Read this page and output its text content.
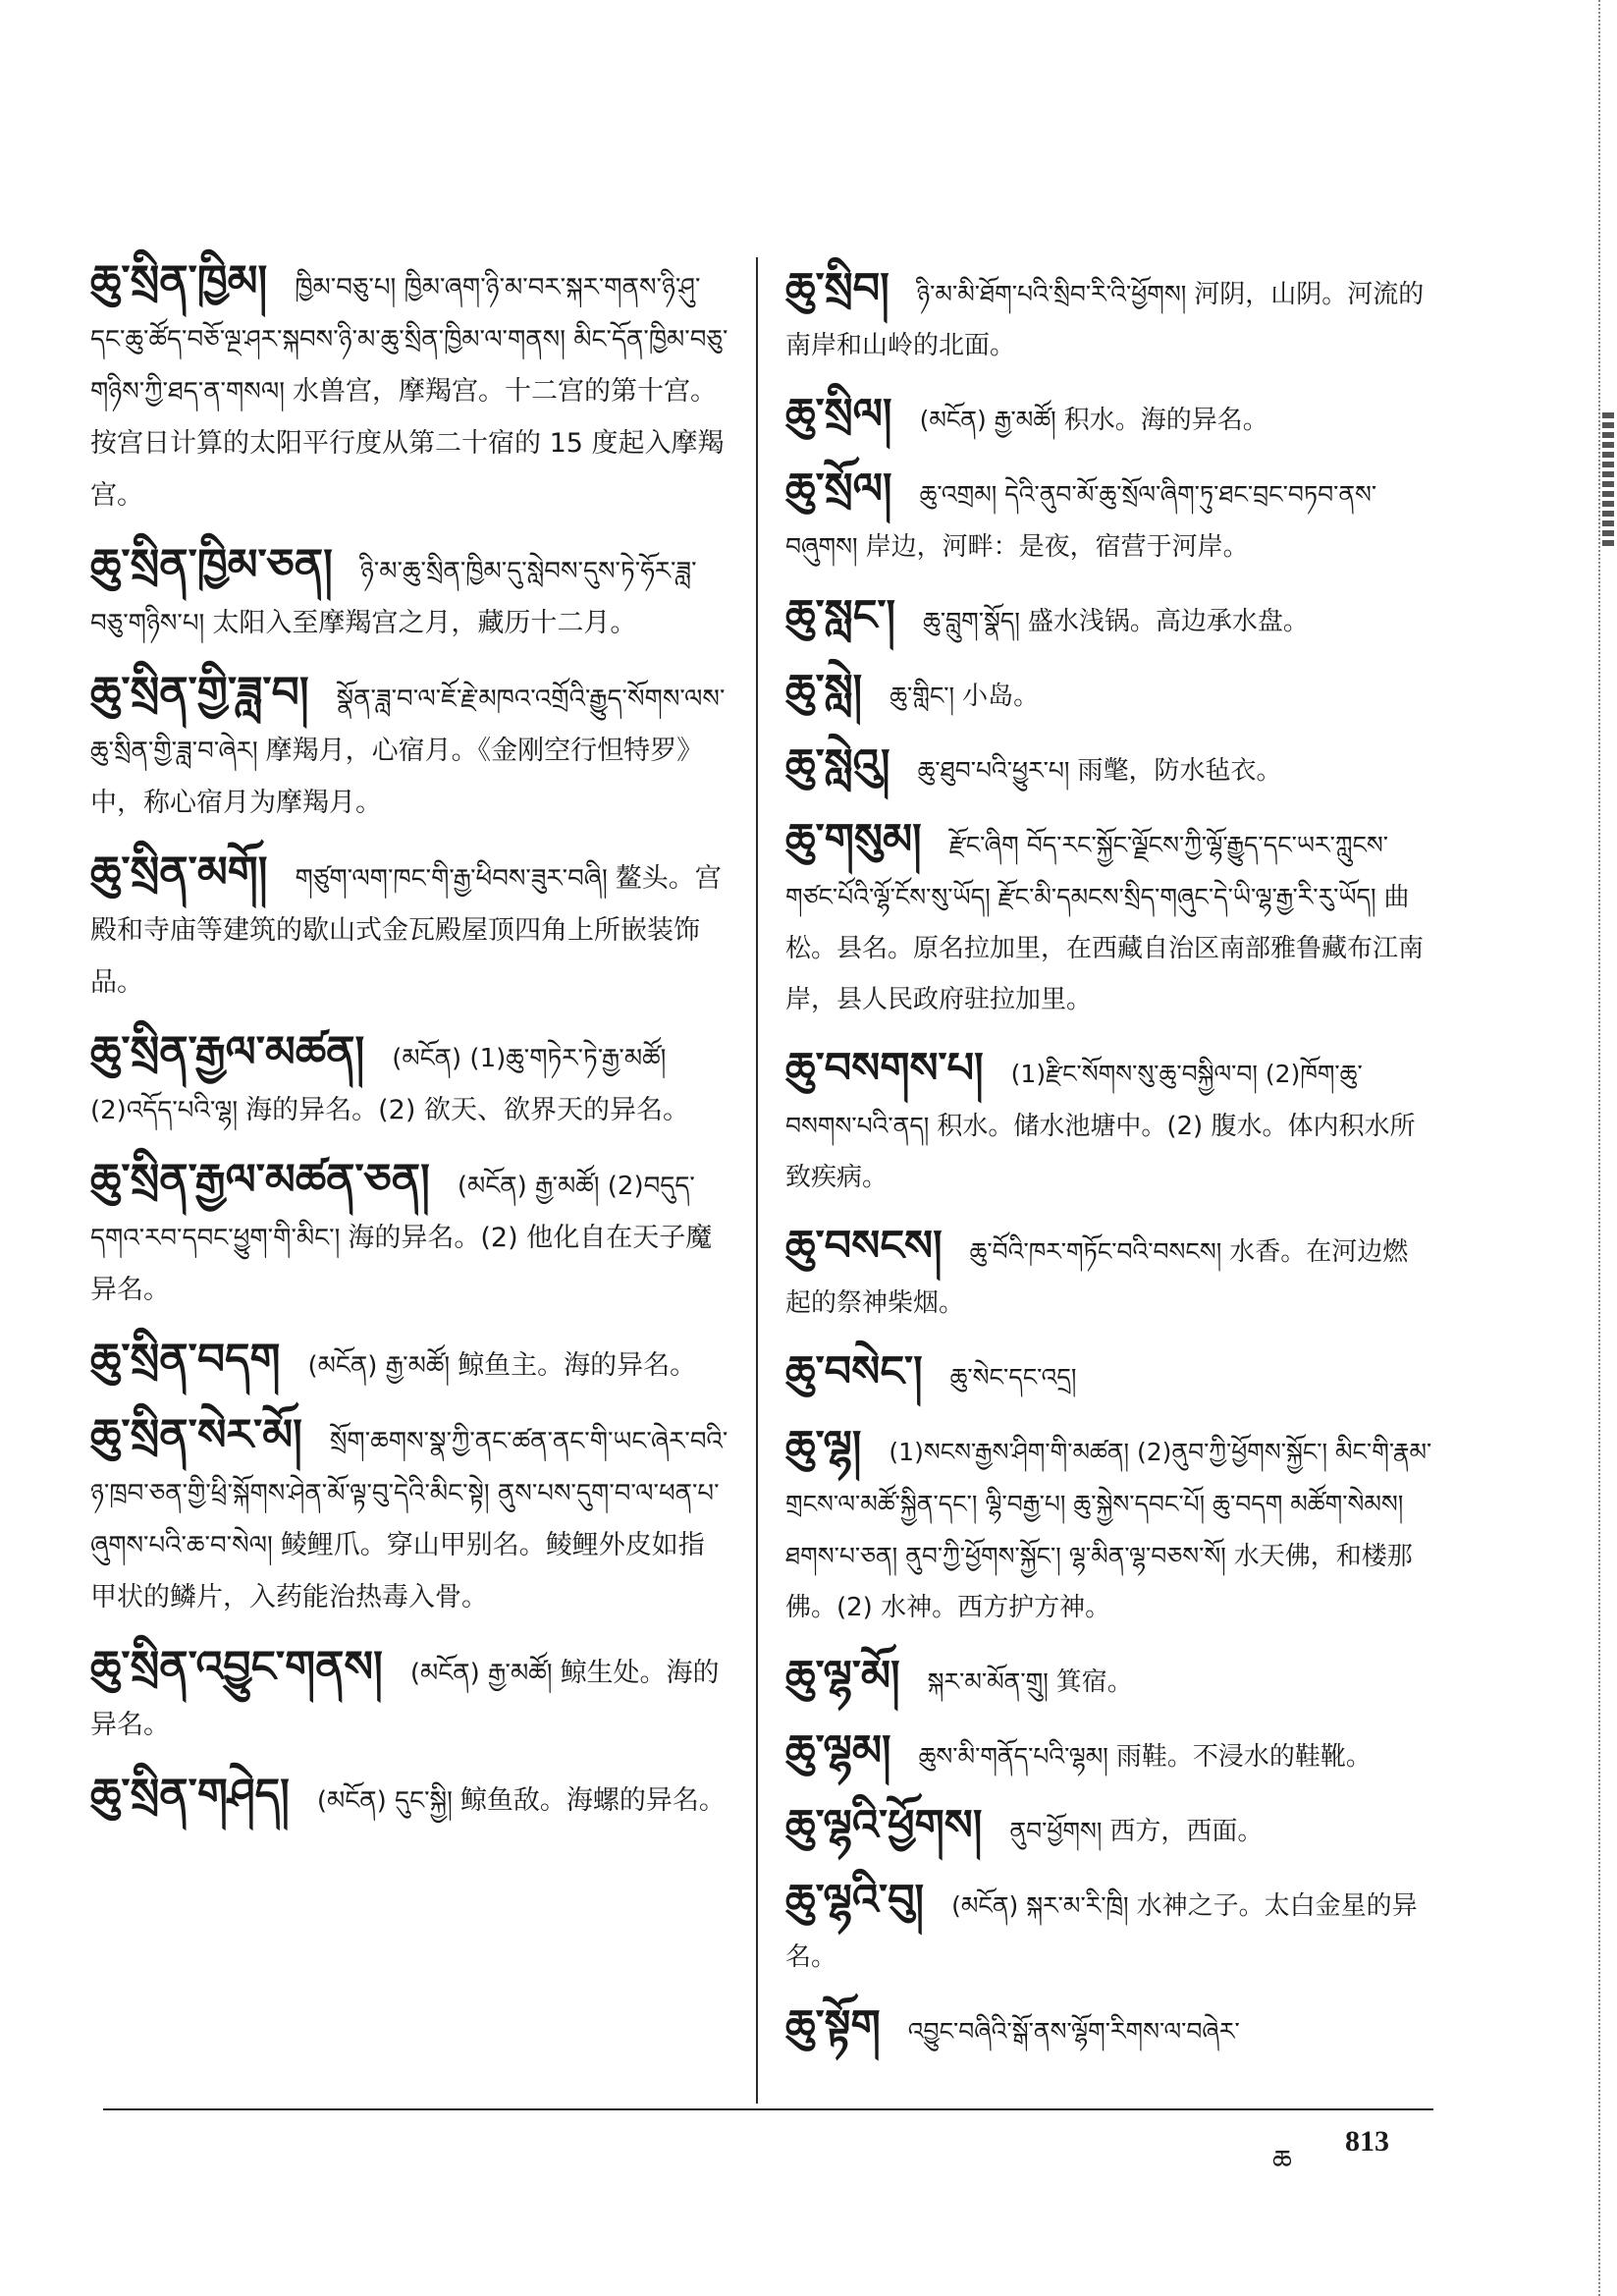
ཆུ་སྲིན་ཁྱིམ། ཁྱིམ་བཅུ་པ། ཁྱིམ་ཞག་ཉི་མ་བར་སྐར་གནས་ཉི་ཤུ་དང་ཆུ་ཚོད་བཅོ་ལྔ་ཤར་སྐབས་ཉི་མ་ཆུ་སྲིན་ཁྱིམ་ལ་གནས། མིང་དོན་ཁྱིམ་བཅུ་གཉིས་ཀྱི་ཐད་ན་གསལ། 水兽宫，摩羯宫。十二宫的第十宫。按宫日计算的太阳平行度从第二十宿的 15 度起入摩羯宫。
ཆུ་སྲིན་ཁྱིམ་ཅན། ཉི་མ་ཆུ་སྲིན་ཁྱིམ་དུ་སླེབས་དུས་ཏེ་ཧོར་ཟླ་བཅུ་གཉིས་པ། 太阳入至摩羯宫之月，藏历十二月。
ཆུ་སྲིན་གྱི་ཟླ་བ། སྣོན་ཟླ་བ་ལ་ཇོ་རྗེ་མཁའ་འགྲོའི་རྒྱུད་སོགས་ལས་ཆུ་སྲིན་གྱི་ཟླ་བ་ཞེར། 摩羯月，心宿月。《金刚空行怛特罗》中，称心宿月为摩羯月。
ཆུ་སྲིན་མགོ། གཙུག་ལག་ཁང་གི་རྒྱ་ཕིབས་ཟུར་བཞི། 鳌头。宫殿和寺庙等建筑的歇山式金瓦殿屋顶四角上所嵌装饰品。
ཆུ་སྲིན་རྒྱལ་མཚན། (མངོན) (1)ཆུ་གཏེར་ཏེ་རྒྱ་མཚོ། (2)འདོད་པའི་ལྷ། 海的异名。(2) 欲天、欲界天的异名。
ཆུ་སྲིན་རྒྱལ་མཚན་ཅན། (མངོན) རྒྱ་མཚོ། (2)བདུད་དགའ་རབ་དབང་ཕྱུག་གི་མིང་། 海的异名。(2) 他化自在天子魔异名。
ཆུ་སྲིན་བདག (མངོན) རྒྱ་མཚོ། 鲸鱼主。海的异名。
ཆུ་སྲིན་སེར་མོ། སྲོག་ཆགས་སྣ་ཀྱི་ནང་ཚན་ནང་གི་ཡང་ཞེར་བའི་ཉ་ཁྲབ་ཅན་གྱི་ཕྲི་སྐོགས་ཤེན་མོ་ལྟ་བུ་དེའི་མིང་སྟེ། ནུས་པས་དུག་བ་ལ་ཕན་པ་ཞུགས་པའི་ཆ་བ་སེལ། 鲮鲤爪。穿山甲别名。鲮鲤外皮如指甲状的鳞片，入药能治热毒入骨。
ཆུ་སྲིན་འབྱུང་གནས། (མངོན) རྒྱ་མཚོ། 鲸生处。海的异名。
ཆུ་སྲིན་གཤེད། (མངོན) དུང་སྐྱི། 鲸鱼敌。海螺的异名。
ཆུ་སྲིབ། ཉི་མ་མི་ཐོག་པའི་སྲིབ་རི་འི་ཕྱོགས། 河阴，山阴。河流的南岸和山岭的北面。
ཆུ་སྲིལ། (མངོན) རྒྱ་མཚོ། 积水。海的异名。
ཆུ་སྲོལ། ཆུ་འགྲམ། དེའི་ནུབ་མོ་ཆུ་སྲོལ་ཞིག་ཏུ་ཐང་བྲང་བཏབ་ནས་བཞུགས། 岸边，河畔：是夜，宿营于河岸。
ཆུ་སླང་། ཆུ་བླུག་སྣོད། 盛水浅锅。高边承水盘。
ཆུ་སླེ། ཆུ་གླིང་། 小岛。
ཆུ་སླེའུ། ཆུ་ཐུབ་པའི་ཕྱུར་པ། 雨氅，防水毡衣。
ཆུ་གསུམ། རྫོང་ཞིག བོད་རང་སྐྱོང་ལྗོངས་ཀྱི་ལྷོ་རྒྱུད་དང་ཡར་ཀླུངས་གཙང་པོའི་ལྷོ་ངོས་སུ་ཡོད། རྫོང་མི་དམངས་སྲིད་གཞུང་དེ་ཡི་ལྷ་རྒྱ་རི་རུ་ཡོད། 曲松。县名。原名拉加里，在西藏自治区南部雅鲁藏布江南岸，县人民政府驻拉加里。
ཆུ་བསགས་པ། (1)རྫིང་སོགས་སུ་ཆུ་བསྐྱིལ་བ། (2)ཁོག་ཆུ་བསགས་པའི་ནད། 积水。储水池塘中。(2) 腹水。体内积水所致疾病。
ཆུ་བསངས། ཆུ་བོའི་ཁར་གཏོང་བའི་བསངས། 水香。在河边燃起的祭神柴烟。
ཆུ་བསེང་། ཆུ་སེང་དང་འདྲ།
ཆུ་ལྷ། (1)སངས་རྒྱས་ཤིག་གི་མཚན། (2)ནུབ་ཀྱི་ཕྱོགས་སྐྱོང་། མིང་གི་རྣམ་གྲངས་ལ་མཚོ་སྐྱིན་དང་། ལྷི་བརྒྱ་པ། ཆུ་སྐྱེས་དབང་པོ། ཆུ་བདག མཚོག་སེམས། ཐགས་པ་ཅན། ནུབ་ཀྱི་ཕྱོགས་སྐྱོང་། ལྷ་མིན་ལྷ་བཅས་སོ། 水天佛，和楼那佛。(2) 水神。西方护方神。
ཆུ་ལྷ་མོ། སྐར་མ་མོན་གྲུ། 箕宿。
ཆུ་ལྷམ། ཆུས་མི་གནོད་པའི་ལྷམ། 雨鞋。不浸水的鞋靴。
ཆུ་ལྷའི་ཕྱོགས། ནུབ་ཕྱོགས། 西方，西面。
ཆུ་ལྷའི་བུ། (མངོན) སྐར་མ་རི་ཁྲི། 水神之子。太白金星的异名。
ཆུ་སྟོག འབྱུང་བཞིའི་སྒོ་ནས་ལྷོག་རིགས་ལ་བཞེར་
ཆ
813
